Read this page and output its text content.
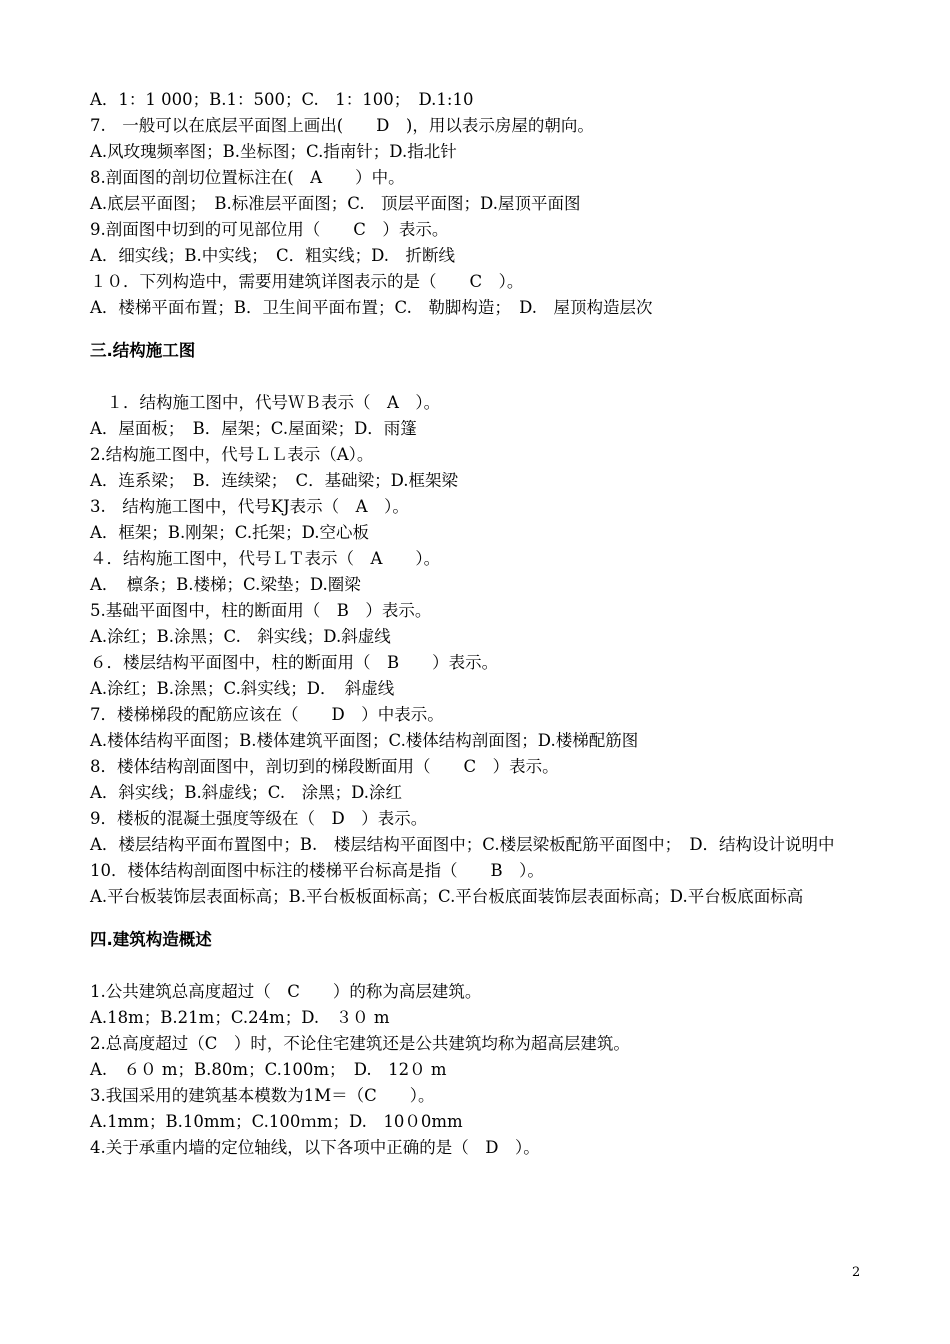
A．1：1 000；B.1：500；C.　1：100；　D.1:10
7.　一般可以在底层平面图上画出(　　D　)，用以表示房屋的朝向。
A.风玫瑰频率图；B.坐标图；C.指南针；D.指北针
8.剖面图的剖切位置标注在(　A　　）中。
A.底层平面图；　B.标准层平面图；C.　顶层平面图；D.屋顶平面图
9.剖面图中切到的可见部位用（　　C　）表示。
A．细实线；B.中实线；　C．粗实线；D.　折断线
１０．下列构造中，需要用建筑详图表示的是（　　C　）。
A．楼梯平面布置；B．卫生间平面布置；C.　勒脚构造；　D.　屋顶构造层次
三.结构施工图
　１．结构施工图中，代号ＷＢ表示（　A　）。
A．屋面板；　B．屋架；C.屋面梁；D．雨篷
2.结构施工图中，代号ＬＬ表示（A）。
A．连系梁；　B．连续梁；　C．基础梁；D.框架梁
3.　结构施工图中，代号KJ表示（　A　）。
A．框架；B.刚架；C.托架；D.空心板
４．结构施工图中，代号ＬＴ表示（　A　　）。
A．　檩条；B.楼梯；C.梁垫；D.圈梁
5.基础平面图中，柱的断面用（　B　）表示。
A.涂红；B.涂黑；C.　斜实线；D.斜虚线
６．楼层结构平面图中，柱的断面用（　B　　）表示。
A.涂红；B.涂黑；C.斜实线；D．　斜虚线
7．楼梯梯段的配筋应该在（　　D　）中表示。
A.楼体结构平面图；B.楼体建筑平面图；C.楼体结构剖面图；D.楼梯配筋图
8．楼体结构剖面图中，剖切到的梯段断面用（　　C　）表示。
A．斜实线；B.斜虚线；C.　涂黑；D.涂红
9．楼板的混凝土强度等级在（　D　）表示。
A．楼层结构平面布置图中；B.　楼层结构平面图中；C.楼层梁板配筋平面图中；　D．结构设计说明中
10．楼体结构剖面图中标注的楼梯平台标高是指（　　B　）。
A.平台板装饰层表面标高；B.平台板板面标高；C.平台板底面装饰层表面标高；D.平台板底面标高
四.建筑构造概述
1.公共建筑总高度超过（　C　　）的称为高层建筑。
A.18m；B.21m；C.24m；D.　３０ m
2.总高度超过（C　）时，不论住宅建筑还是公共建筑均称为超高层建筑。
A.　６０ m；B.80m；C.100m；　D.　12０ m
3.我国采用的建筑基本模数为1M＝（C　　）。
A.1mm；B.10mm；C.100ｍm；D.　10０0mm
4.关于承重内墙的定位轴线，以下各项中正确的是（　D　）。
2
